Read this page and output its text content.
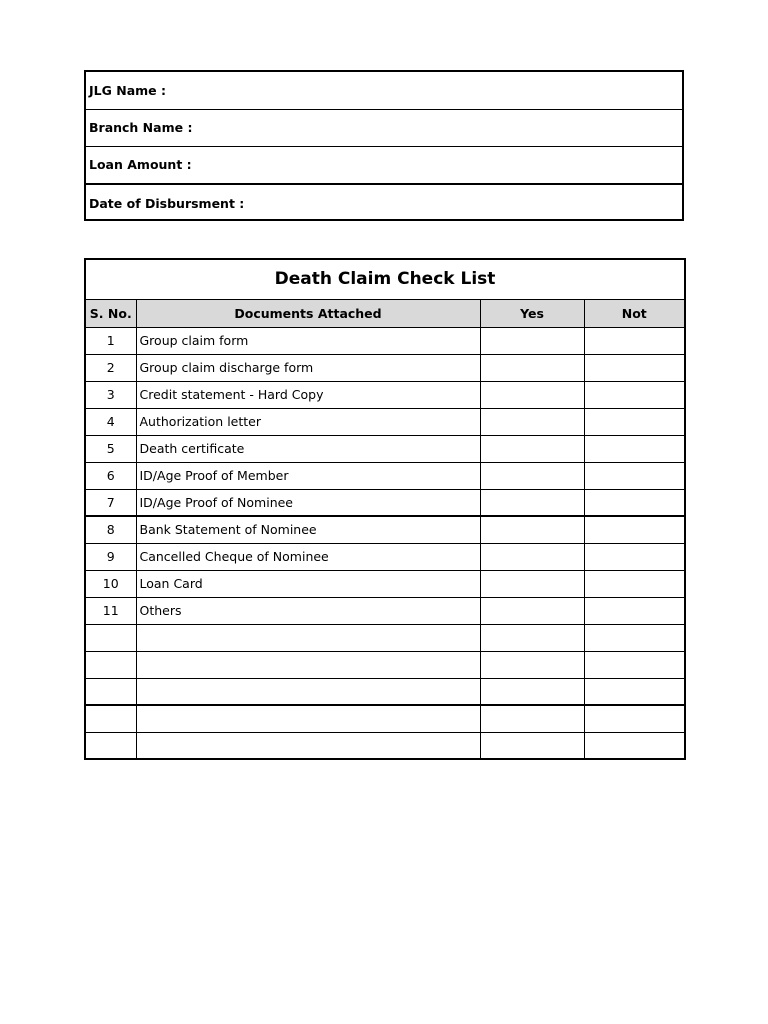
JLG Name :
Branch Name :
Loan Amount :
Date of Disbursment :
Death Claim Check List			
S. No.	Documents Attached	Yes	Not
1	Group claim form		
2	Group claim discharge form		
3	Credit statement - Hard Copy		
4	Authorization letter		
5	Death certificate		
6	ID/Age Proof of Member		
7	ID/Age Proof of Nominee		
8	Bank Statement of Nominee		
9	Cancelled Cheque of Nominee		
10	Loan Card		
11	Others		
